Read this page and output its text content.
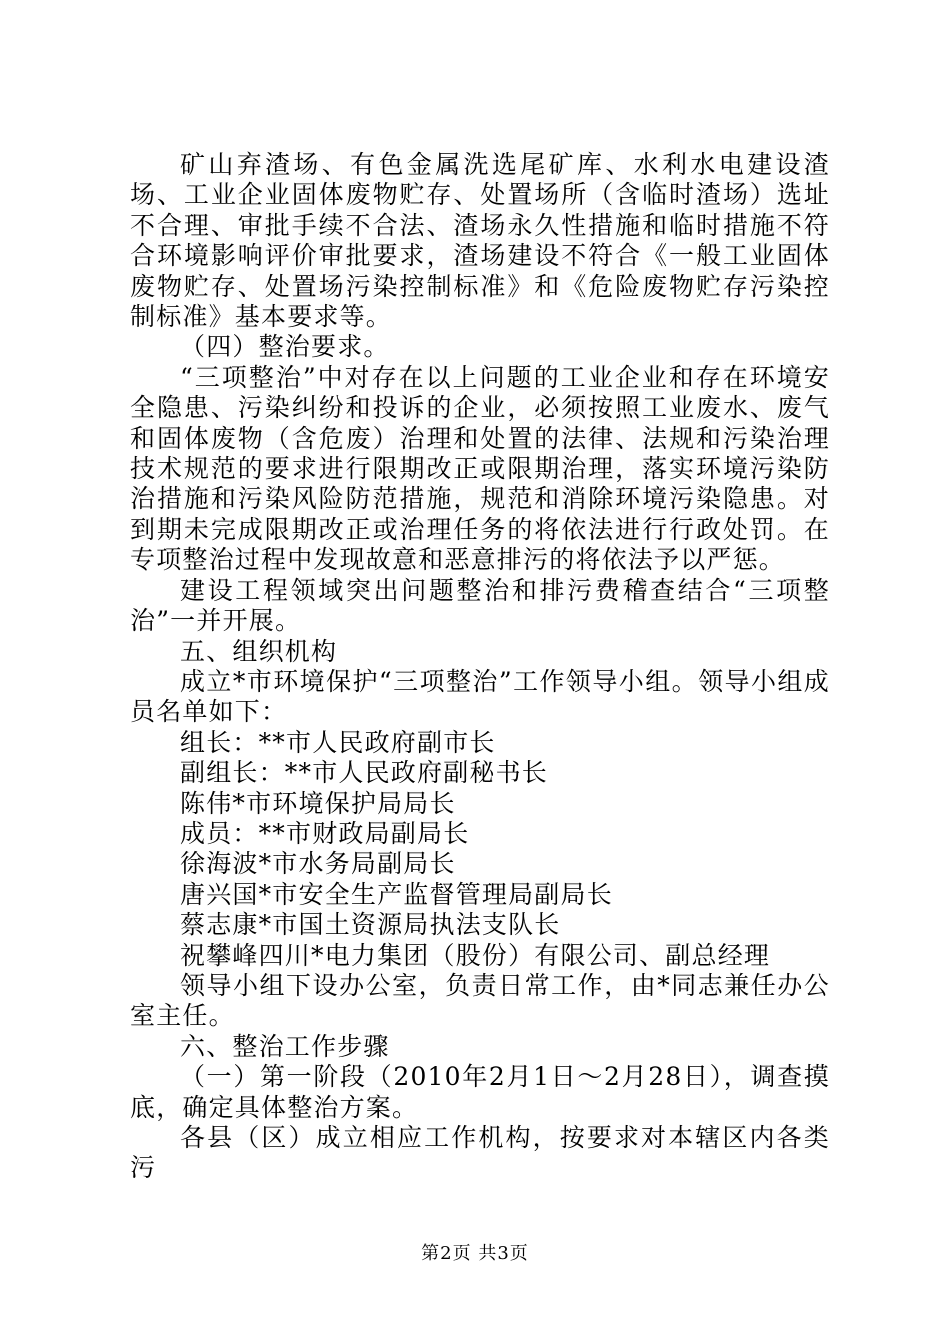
矿山弃渣场、有色金属洗选尾矿库、水利水电建设渣场、工业企业固体废物贮存、处置场所（含临时渣场）选址不合理、审批手续不合法、渣场永久性措施和临时措施不符合环境影响评价审批要求，渣场建设不符合《一般工业固体废物贮存、处置场污染控制标准》和《危险废物贮存污染控制标准》基本要求等。

（四）整治要求。

“三项整治”中对存在以上问题的工业企业和存在环境安全隐患、污染纠纷和投诉的企业，必须按照工业废水、废气和固体废物（含危废）治理和处置的法律、法规和污染治理技术规范的要求进行限期改正或限期治理，落实环境污染防治措施和污染风险防范措施，规范和消除环境污染隐患。对到期未完成限期改正或治理任务的将依法进行行政处罚。在专项整治过程中发现故意和恶意排污的将依法予以严惩。

建设工程领域突出问题整治和排污费稽查结合“三项整治”一并开展。

五、组织机构

成立*市环境保护“三项整治”工作领导小组。领导小组成员名单如下：

组长：**市人民政府副市长

副组长：**市人民政府副秘书长

陈伟*市环境保护局局长

成员：**市财政局副局长

徐海波*市水务局副局长

唐兴国*市安全生产监督管理局副局长

蔡志康*市国土资源局执法支队长

祝攀峰四川*电力集团（股份）有限公司、副总经理

领导小组下设办公室，负责日常工作，由*同志兼任办公室主任。

六、整治工作步骤

（一）第一阶段（2010年2月1日～2月28日），调查摸底，确定具体整治方案。

各县（区）成立相应工作机构，按要求对本辖区内各类污

第2页 共3页
